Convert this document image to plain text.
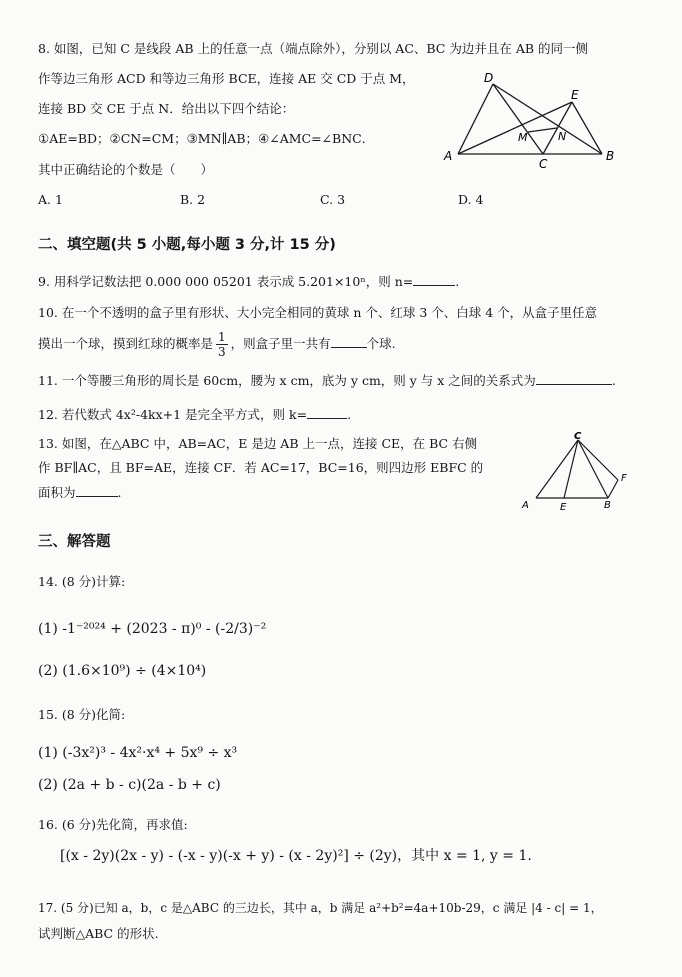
8. 如图，已知 C 是线段 AB 上的任意一点（端点除外），分别以 AC、BC 为边并且在 AB 的同一侧
作等边三角形 ACD 和等边三角形 BCE，连接 AE 交 CD 于点 M，
连接 BD 交 CE 于点 N．给出以下四个结论：
①AE=BD；②CN=CM；③MN∥AB；④∠AMC=∠BNC．
其中正确结论的个数是（　　）
A. 1	B. 2	C. 3	D. 4
A	B
C
D
E
M	N
二、填空题(共 5 小题,每小题 3 分,计 15 分)
9. 用科学记数法把 0.000 000 05201 表示成 5.201×10ⁿ，则 n=	.
10. 在一个不透明的盒子里有形状、大小完全相同的黄球 n 个、红球 3 个、白球 4 个，从盒子里任意
摸出一个球，摸到红球的概率是 $\frac{1}{3}$ ，则盒子里一共有	个球.
11. 一个等腰三角形的周长是 60cm，腰为 x cm，底为 y cm，则 y 与 x 之间的关系式为	.
12. 若代数式 4x²-4kx+1 是完全平方式，则 k=	.
13. 如图，在△ABC 中，AB=AC，E 是边 AB 上一点，连接 CE，在 BC 右侧
作 BF∥AC，且 BF=AE，连接 CF．若 AC=17，BC=16，则四边形 EBFC 的
面积为	.
C
A	E	B
F
三、解答题
14. (8 分)计算:
(1) -1⁻²⁰²⁴ + (2023 - π)⁰ - (-2/3)⁻²
(2) (1.6×10⁹) ÷ (4×10⁴)
15. (8 分)化简:
(1) (-3x²)³ - 4x²·x⁴ + 5x⁹ ÷ x³
(2) (2a + b - c)(2a - b + c)
16. (6 分)先化简，再求值:
[(x - 2y)(2x - y) - (-x - y)(-x + y) - (x - 2y)²] ÷ (2y)，其中 x = 1, y = 1.
17. (5 分)已知 a，b，c 是△ABC 的三边长，其中 a，b 满足 a²+b²=4a+10b-29，c 满足 |4 - c| = 1，
试判断△ABC 的形状.
